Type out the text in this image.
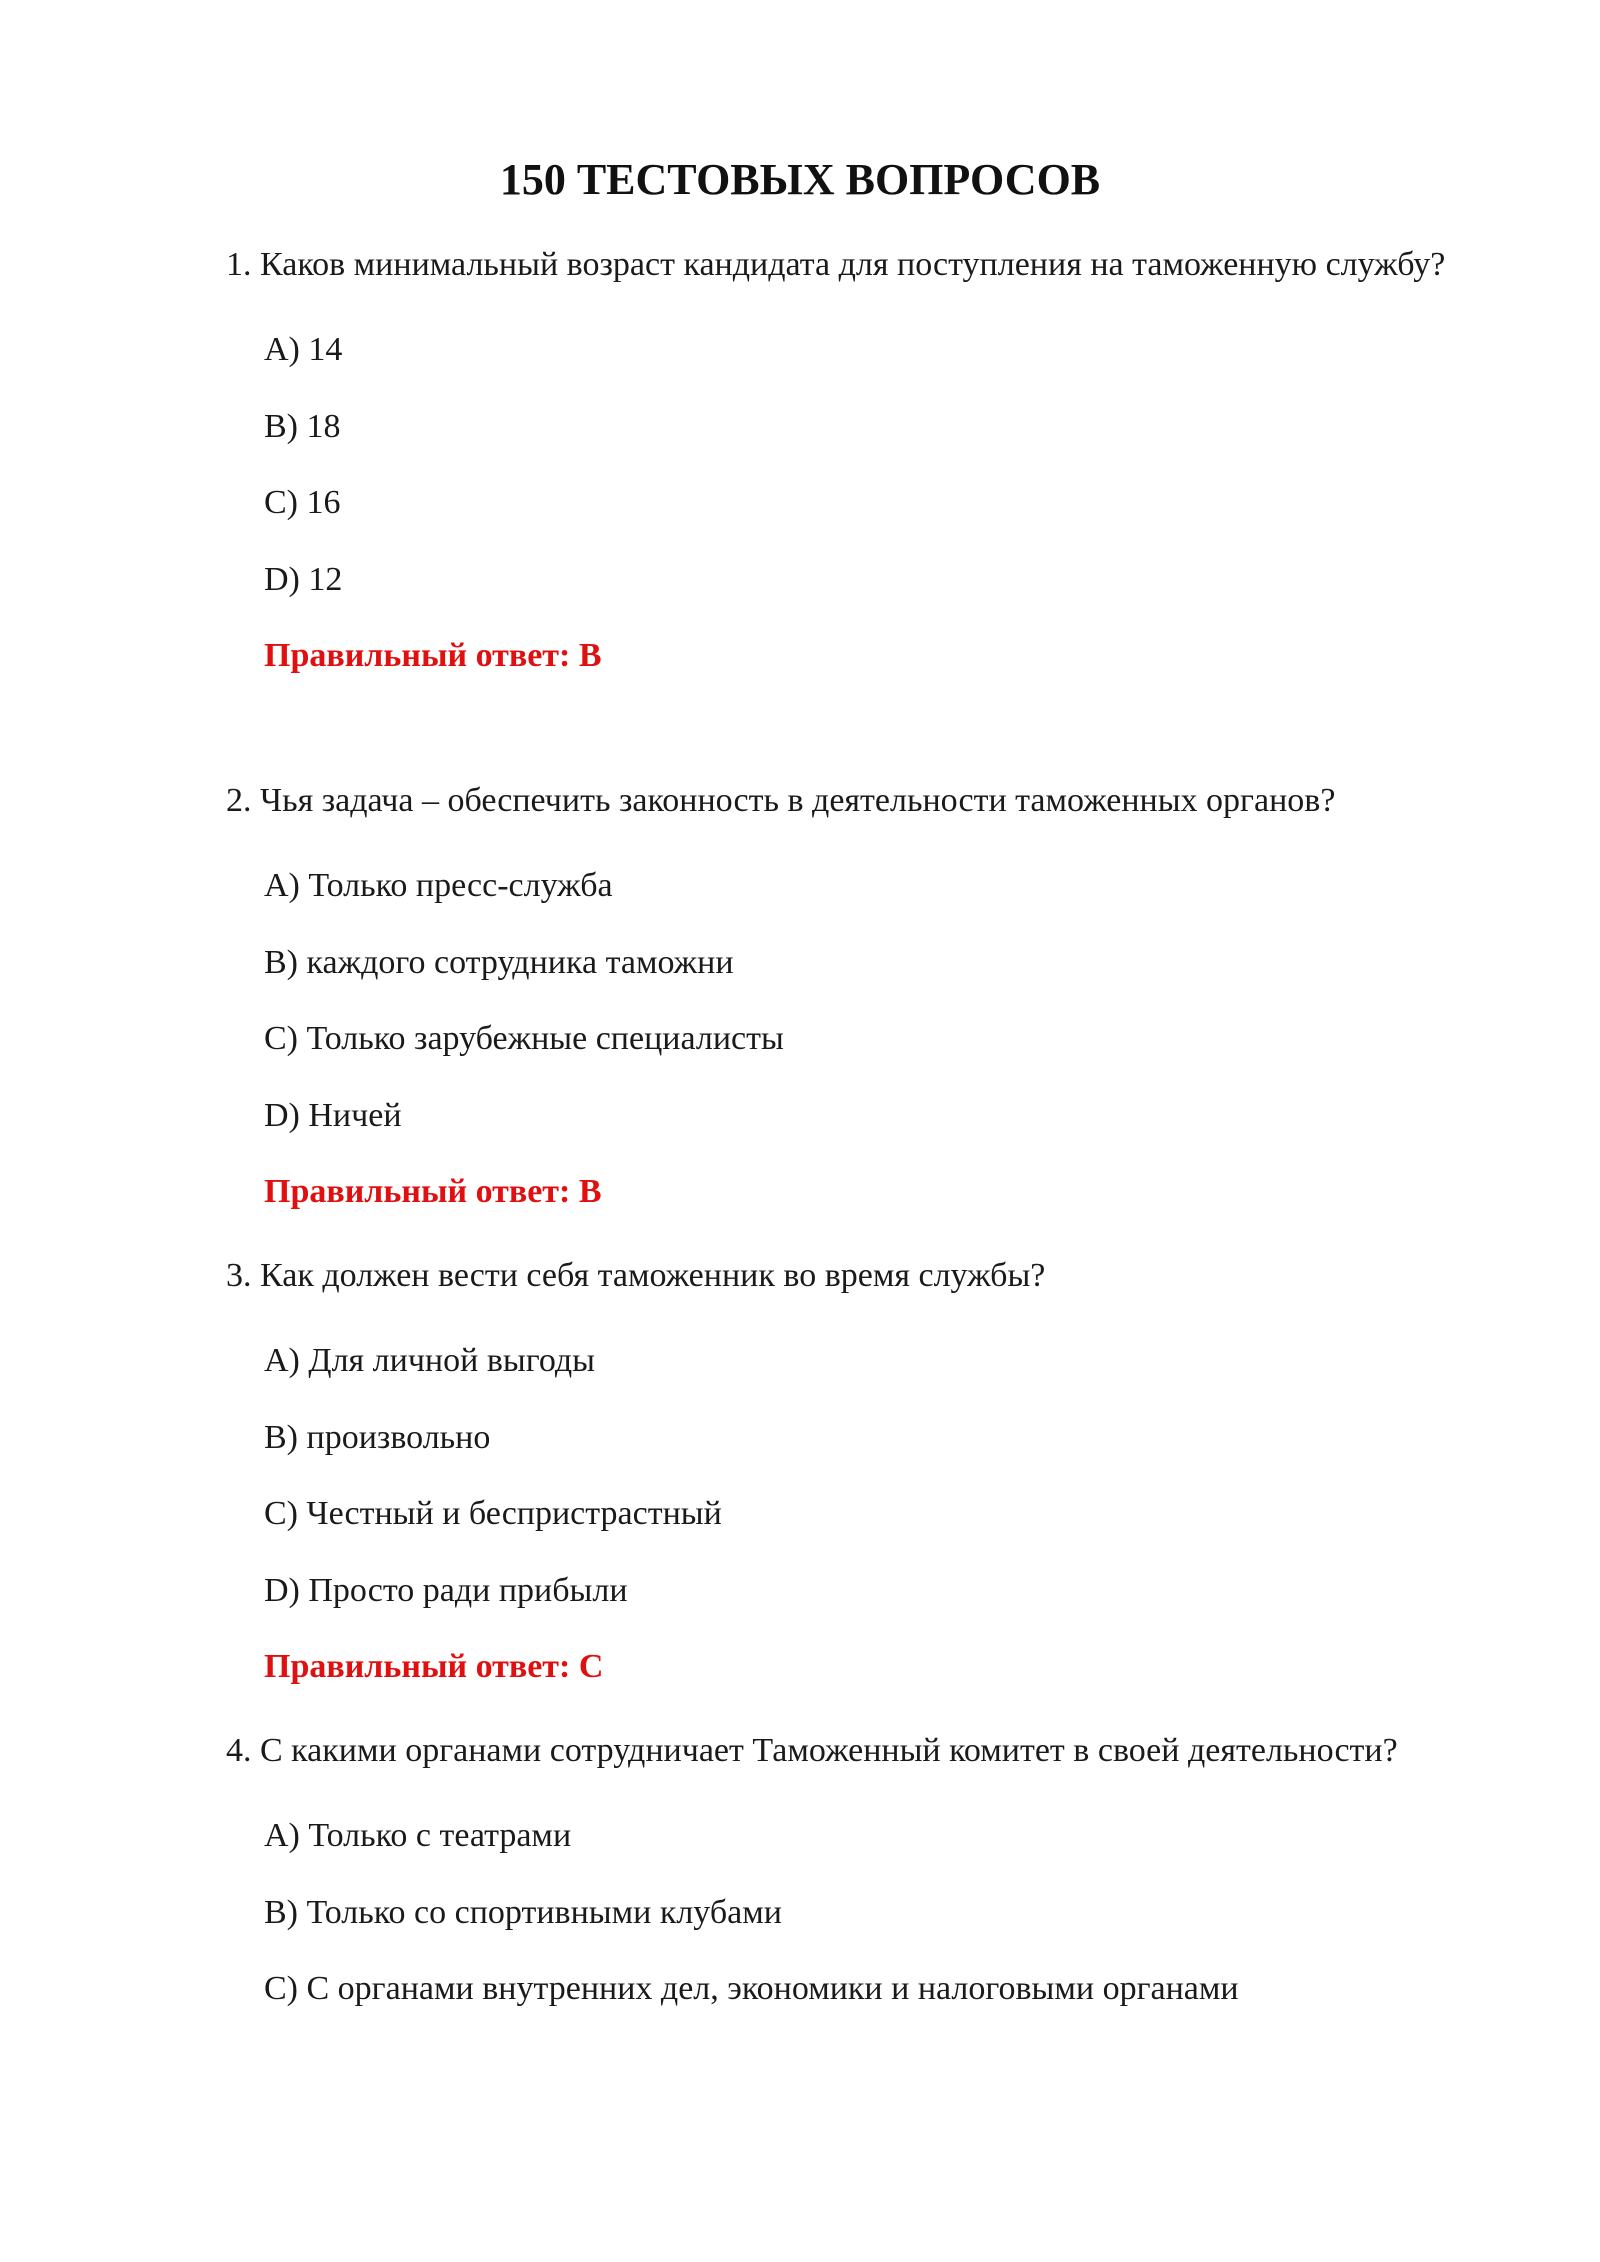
150 ТЕСТОВЫХ ВОПРОСОВ

1. Каков минимальный возраст кандидата для поступления на таможенную службу?

A) 14
B) 18
C) 16
D) 12
Правильный ответ: B

2. Чья задача – обеспечить законность в деятельности таможенных органов?

A) Только пресс-служба
B) каждого сотрудника таможни
C) Только зарубежные специалисты
D) Ничей
Правильный ответ: B

3. Как должен вести себя таможенник во время службы?

A) Для личной выгоды
B) произвольно
C) Честный и беспристрастный
D) Просто ради прибыли
Правильный ответ: C

4. С какими органами сотрудничает Таможенный комитет в своей деятельности?

A) Только с театрами
B) Только со спортивными клубами
C) С органами внутренних дел, экономики и налоговыми органами
